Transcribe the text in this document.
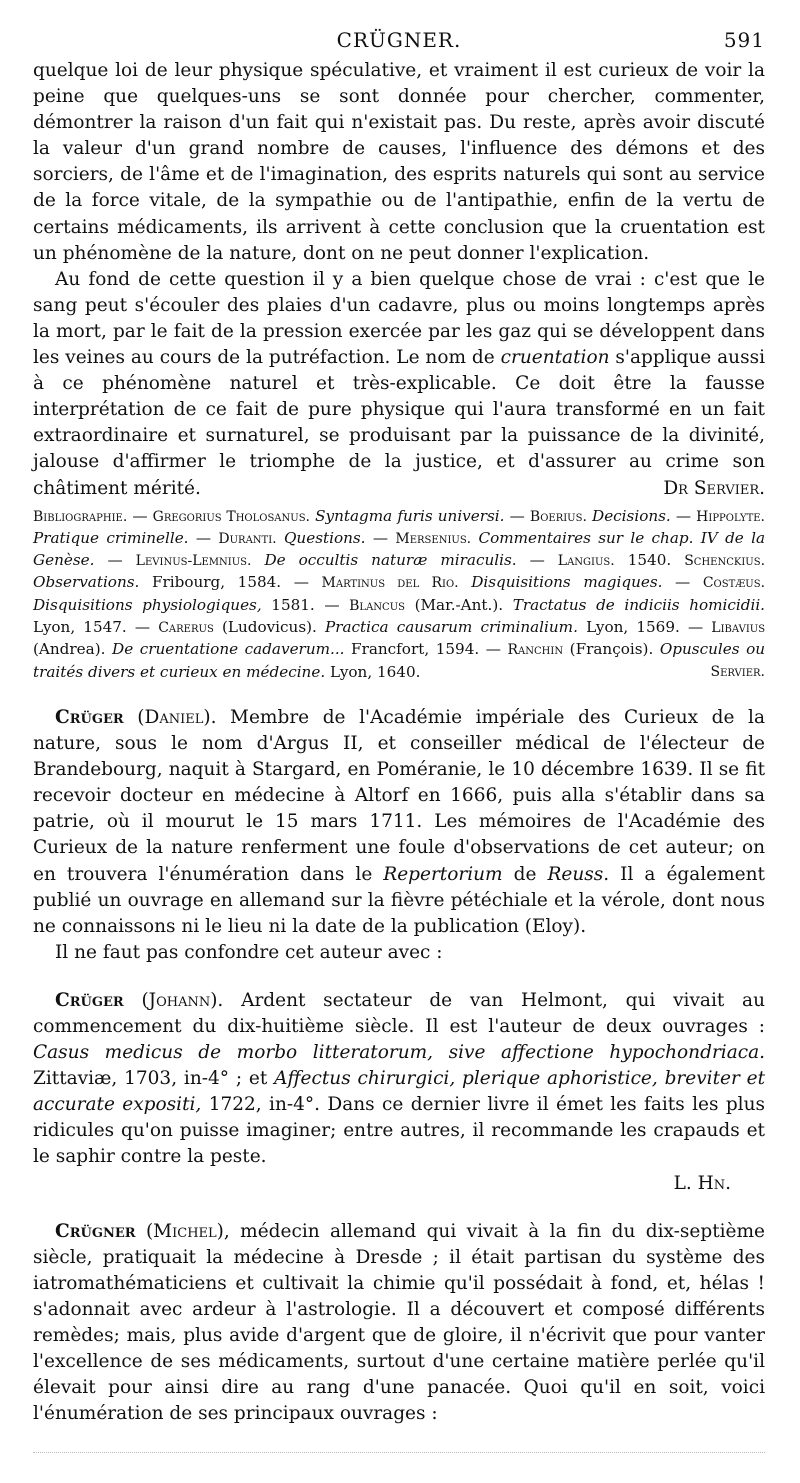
CRÜGNER.	591

quelque loi de leur physique spéculative, et vraiment il est curieux de voir la peine que quelques-uns se sont donnée pour chercher, commenter, démontrer la raison d'un fait qui n'existait pas. Du reste, après avoir discuté la valeur d'un grand nombre de causes, l'influence des démons et des sorciers, de l'âme et de l'imagination, des esprits naturels qui sont au service de la force vitale, de la sympathie ou de l'antipathie, enfin de la vertu de certains médicaments, ils arrivent à cette conclusion que la cruentation est un phénomène de la nature, dont on ne peut donner l'explication.

Au fond de cette question il y a bien quelque chose de vrai : c'est que le sang peut s'écouler des plaies d'un cadavre, plus ou moins longtemps après la mort, par le fait de la pression exercée par les gaz qui se développent dans les veines au cours de la putréfaction. Le nom de cruentation s'applique aussi à ce phénomène naturel et très-explicable. Ce doit être la fausse interprétation de ce fait de pure physique qui l'aura transformé en un fait extraordinaire et surnaturel, se produisant par la puissance de la divinité, jalouse d'affirmer le triomphe de la justice, et d'assurer au crime son châtiment mérité.	Dr Servier.

Bibliographie. — Gregorius Tholosanus. Syntagma furis universi. — Boerius. Decisions. — Hippolyte. Pratique criminelle. — Duranti. Questions. — Mersenius. Commentaires sur le chap. IV de la Genèse. — Levinus-Lemnius. De occultis naturæ miraculis. — Langius. 1540. Schenckius. Observations. Fribourg, 1584. — Martinus del Rio. Disquisitions magiques. — Costæus. Disquisitions physiologiques, 1581. — Blancus (Mar.-Ant.). Tractatus de indiciis homicidii. Lyon, 1547. — Carerus (Ludovicus). Practica causarum criminalium. Lyon, 1569. — Libavius (Andrea). De cruentatione cadaverum... Francfort, 1594. — Ranchin (François). Opuscules ou traités divers et curieux en médecine. Lyon, 1640.	Servier.

Crüger (Daniel). Membre de l'Académie impériale des Curieux de la nature, sous le nom d'Argus II, et conseiller médical de l'électeur de Brandebourg, naquit à Stargard, en Poméranie, le 10 décembre 1639. Il se fit recevoir docteur en médecine à Altorf en 1666, puis alla s'établir dans sa patrie, où il mourut le 15 mars 1711. Les mémoires de l'Académie des Curieux de la nature renferment une foule d'observations de cet auteur; on en trouvera l'énumération dans le Repertorium de Reuss. Il a également publié un ouvrage en allemand sur la fièvre pétéchiale et la vérole, dont nous ne connaissons ni le lieu ni la date de la publication (Eloy).

Il ne faut pas confondre cet auteur avec :

Crüger (Johann). Ardent sectateur de van Helmont, qui vivait au commencement du dix-huitième siècle. Il est l'auteur de deux ouvrages : Casus medicus de morbo litteratorum, sive affectione hypochondriaca. Zittaviæ, 1703, in-4° ; et Affectus chirurgici, plerique aphoristice, breviter et accurate expositi, 1722, in-4°. Dans ce dernier livre il émet les faits les plus ridicules qu'on puisse imaginer; entre autres, il recommande les crapauds et le saphir contre la peste.

L. Hn.

Crügner (Michel), médecin allemand qui vivait à la fin du dix-septième siècle, pratiquait la médecine à Dresde ; il était partisan du système des iatromathématiciens et cultivait la chimie qu'il possédait à fond, et, hélas ! s'adonnait avec ardeur à l'astrologie. Il a découvert et composé différents remèdes; mais, plus avide d'argent que de gloire, il n'écrivit que pour vanter l'excellence de ses médicaments, surtout d'une certaine matière perlée qu'il élevait pour ainsi dire au rang d'une panacée. Quoi qu'il en soit, voici l'énumération de ses principaux ouvrages :
